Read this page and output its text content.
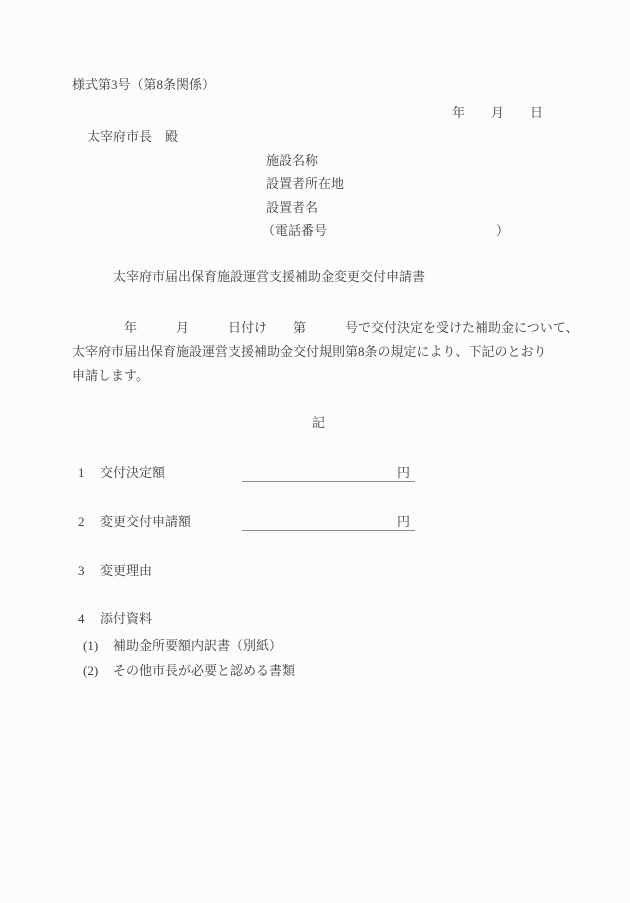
様式第3号（第8条関係）
年　　月　　日
太宰府市長　殿
施設名称
設置者所在地
設置者名
（電話番号	）
太宰府市届出保育施設運営支援補助金変更交付申請書
　　　　年　　　月　　　日付け　　第　　　号で交付決定を受けた補助金について、
太宰府市届出保育施設運営支援補助金交付規則第8条の規定により、下記のとおり
申請します。
記
1 交付決定額	円
2 変更交付申請額	円
3 変更理由
4 添付資料
(1) 補助金所要額内訳書（別紙）
(2) その他市長が必要と認める書類
